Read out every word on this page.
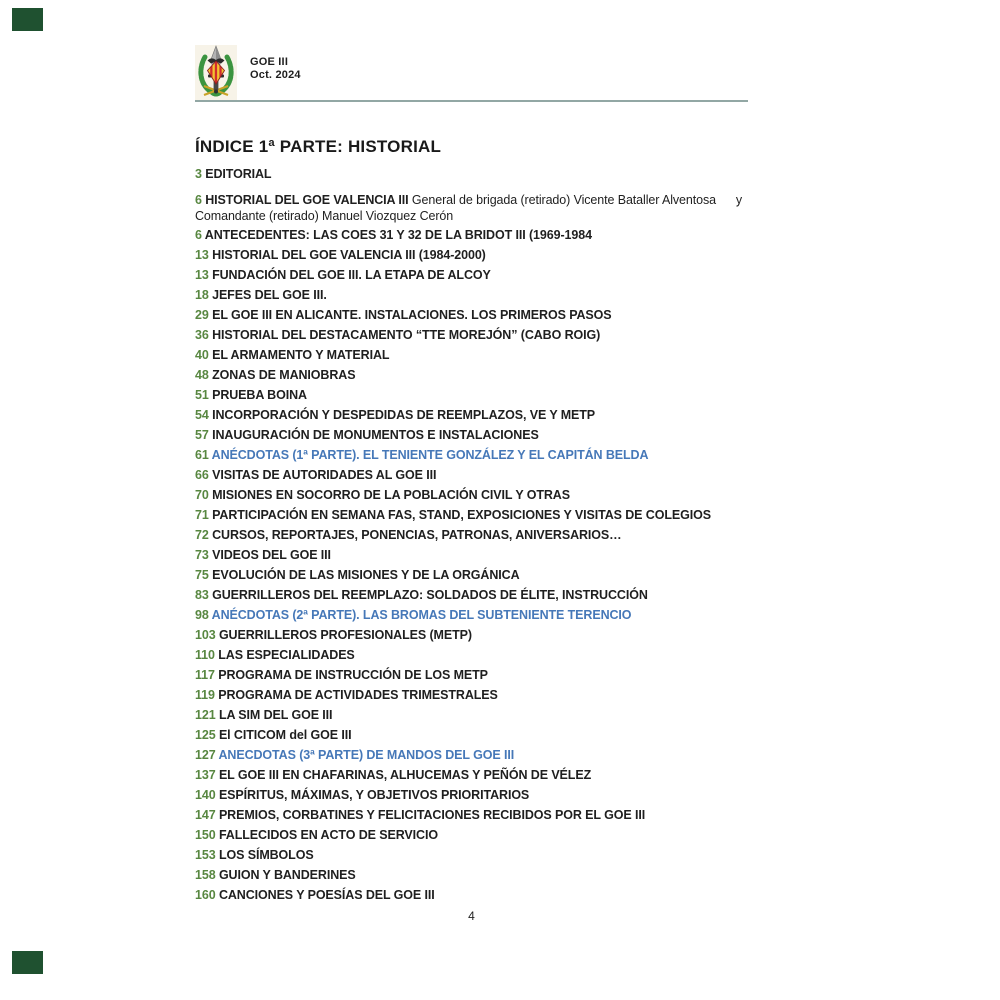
GOE III
Oct. 2024
ÍNDICE 1ª PARTE: HISTORIAL
3 EDITORIAL
6 HISTORIAL DEL GOE VALENCIA III General de brigada (retirado) Vicente Bataller Alventosa y
Comandante (retirado) Manuel Viozquez Cerón
6 ANTECEDENTES: LAS COES 31 Y 32 DE LA BRIDOT III (1969-1984
13 HISTORIAL DEL GOE VALENCIA III (1984-2000)
13 FUNDACIÓN DEL GOE III. LA ETAPA DE ALCOY
18 JEFES DEL GOE III.
29 EL GOE III EN ALICANTE. INSTALACIONES. LOS PRIMEROS PASOS
36 HISTORIAL DEL DESTACAMENTO “TTE MOREJÓN” (CABO ROIG)
40 EL ARMAMENTO Y MATERIAL
48 ZONAS DE MANIOBRAS
51 PRUEBA BOINA
54 INCORPORACIÓN Y DESPEDIDAS DE REEMPLAZOS, VE Y METP
57 INAUGURACIÓN DE MONUMENTOS E INSTALACIONES
61 ANÉCDOTAS (1ª PARTE). EL TENIENTE GONZÁLEZ Y EL CAPITÁN BELDA
66 VISITAS DE AUTORIDADES AL GOE III
70 MISIONES EN SOCORRO DE LA POBLACIÓN CIVIL Y OTRAS
71 PARTICIPACIÓN EN SEMANA FAS, STAND, EXPOSICIONES Y VISITAS DE COLEGIOS
72 CURSOS, REPORTAJES, PONENCIAS, PATRONAS, ANIVERSARIOS…
73 VIDEOS DEL GOE III
75 EVOLUCIÓN DE LAS MISIONES Y DE LA ORGÁNICA
83 GUERRILLEROS DEL REEMPLAZO: SOLDADOS DE ÉLITE, INSTRUCCIÓN
98 ANÉCDOTAS (2ª PARTE). LAS BROMAS DEL SUBTENIENTE TERENCIO
103 GUERRILLEROS PROFESIONALES (METP)
110 LAS ESPECIALIDADES
117 PROGRAMA DE INSTRUCCIÓN DE LOS METP
119 PROGRAMA DE ACTIVIDADES TRIMESTRALES
121 LA SIM DEL GOE III
125 El CITICOM del GOE III
127 ANECDOTAS (3ª PARTE) DE MANDOS DEL GOE III
137 EL GOE III EN CHAFARINAS, ALHUCEMAS Y PEÑÓN DE VÉLEZ
140 ESPÍRITUS, MÁXIMAS, Y OBJETIVOS PRIORITARIOS
147 PREMIOS, CORBATINES Y FELICITACIONES RECIBIDOS POR EL GOE III
150 FALLECIDOS EN ACTO DE SERVICIO
153 LOS SÍMBOLOS
158 GUION Y BANDERINES
160 CANCIONES Y POESÍAS DEL GOE III
4
